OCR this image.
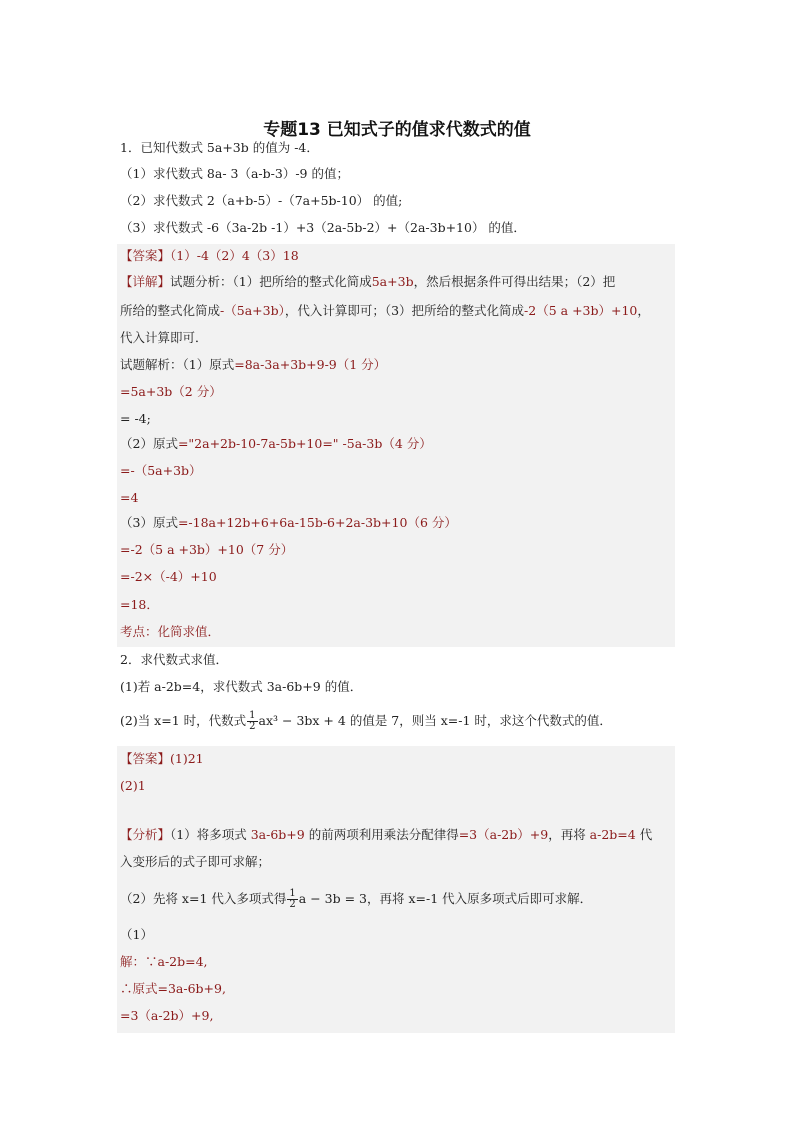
专题13 已知式子的值求代数式的值
1．已知代数式 5a+3b 的值为 -4．
（1）求代数式 8a- 3（a-b-3）-9 的值；
（2）求代数式 2（a+b-5）-（7a+5b-10） 的值;
（3）求代数式 -6（3a-2b -1）+3（2a-5b-2）+（2a-3b+10） 的值．
【答案】（1）-4（2）4（3）18
【详解】试题分析：（1）把所给的整式化简成5a+3b，然后根据条件可得出结果；（2）把
所给的整式化简成-（5a+3b），代入计算即可；（3）把所给的整式化简成-2（5 a +3b）+10，
代入计算即可．
试题解析：（1）原式=8a-3a+3b+9-9（1 分）
=5a+3b（2 分）
= -4;
（2）原式="2a+2b-10-7a-5b+10=" -5a-3b（4 分）
=-（5a+3b）
=4
（3）原式=-18a+12b+6+6a-15b-6+2a-3b+10（6 分）
=-2（5 a +3b）+10（7 分）
=-2×（-4）+10
=18．
考点：化简求值．
2．求代数式求值．
(1)若 a-2b=4，求代数式 3a-6b+9 的值．
(2)当 x=1 时，代数式 $\frac{1}{2} ax^3 - 3bx + 4$ 的值是 7，则当 x=-1 时，求这个代数式的值．
【答案】(1)21
(2)1
【分析】（1）将多项式 3a-6b+9 的前两项利用乘法分配律得=3（a-2b）+9，再将 a-2b=4 代
入变形后的式子即可求解；
（2）先将 x=1 代入多项式得 $\frac{1}{2}$ a − 3b = 3，再将 x=-1 代入原多项式后即可求解．
（1）
解：∵a-2b=4,
∴原式=3a-6b+9,
=3（a-2b）+9,
